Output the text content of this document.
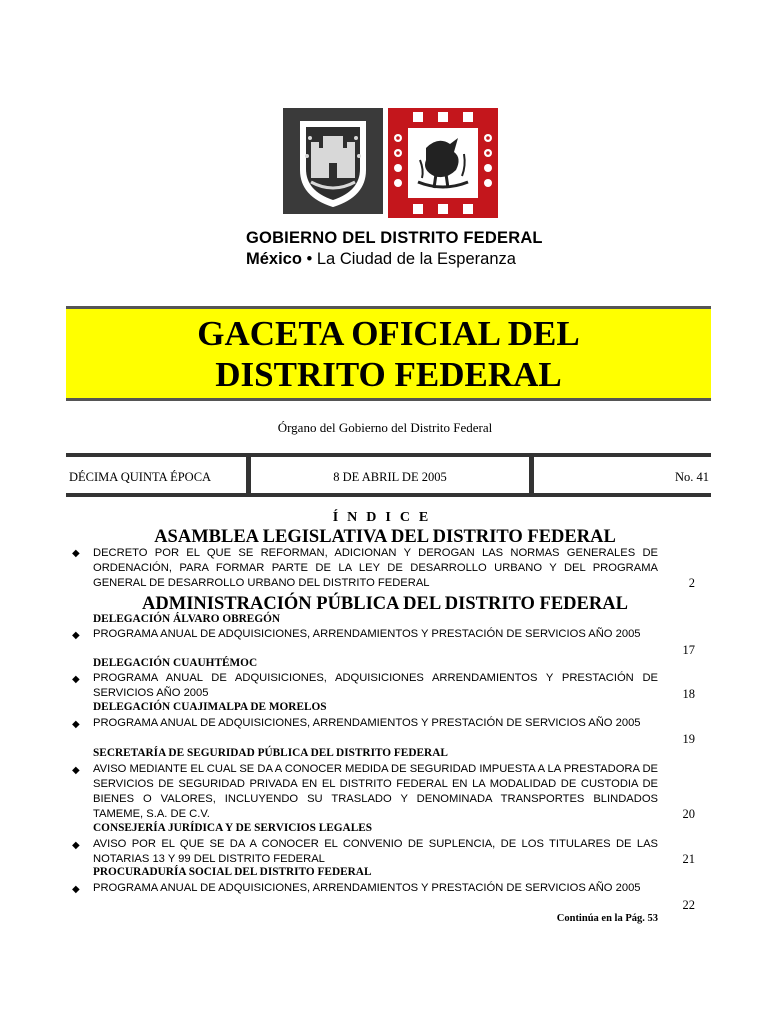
GOBIERNO DEL DISTRITO FEDERAL
México • La Ciudad de la Esperanza
GACETA OFICIAL DEL
DISTRITO FEDERAL
Órgano del Gobierno del Distrito Federal
DÉCIMA QUINTA ÉPOCA	8 DE ABRIL DE 2005	No. 41
ÍNDICE
ASAMBLEA LEGISLATIVA DEL DISTRITO FEDERAL
◆ DECRETO POR EL QUE SE REFORMAN, ADICIONAN Y DEROGAN LAS NORMAS GENERALES DE ORDENACIÓN, PARA FORMAR PARTE DE LA LEY DE DESARROLLO URBANO Y DEL PROGRAMA GENERAL DE DESARROLLO URBANO DEL DISTRITO FEDERAL	2
ADMINISTRACIÓN PÚBLICA DEL DISTRITO FEDERAL
DELEGACIÓN ÁLVARO OBREGÓN
◆ PROGRAMA ANUAL DE ADQUISICIONES, ARRENDAMIENTOS Y PRESTACIÓN DE SERVICIOS AÑO 2005
17
DELEGACIÓN CUAUHTÉMOC
◆ PROGRAMA ANUAL DE ADQUISICIONES, ADQUISICIONES ARRENDAMIENTOS Y PRESTACIÓN DE SERVICIOS AÑO 2005	18
DELEGACIÓN CUAJIMALPA DE MORELOS
◆ PROGRAMA ANUAL DE ADQUISICIONES, ARRENDAMIENTOS Y PRESTACIÓN DE SERVICIOS AÑO 2005
19
SECRETARÍA DE SEGURIDAD PÚBLICA DEL DISTRITO FEDERAL
◆ AVISO MEDIANTE EL CUAL SE DA A CONOCER MEDIDA DE SEGURIDAD IMPUESTA A LA PRESTADORA DE SERVICIOS DE SEGURIDAD PRIVADA EN EL DISTRITO FEDERAL EN LA MODALIDAD DE CUSTODIA DE BIENES O VALORES, INCLUYENDO SU TRASLADO Y DENOMINADA TRANSPORTES BLINDADOS TAMEME, S.A. DE C.V.	20
CONSEJERÍA JURÍDICA Y DE SERVICIOS LEGALES
◆ AVISO POR EL QUE SE DA A CONOCER EL CONVENIO DE SUPLENCIA, DE LOS TITULARES DE LAS NOTARIAS 13 Y 99 DEL DISTRITO FEDERAL	21
PROCURADURÍA SOCIAL DEL DISTRITO FEDERAL
◆ PROGRAMA ANUAL DE ADQUISICIONES, ARRENDAMIENTOS Y PRESTACIÓN DE SERVICIOS AÑO 2005
22
Continúa en la Pág. 53
